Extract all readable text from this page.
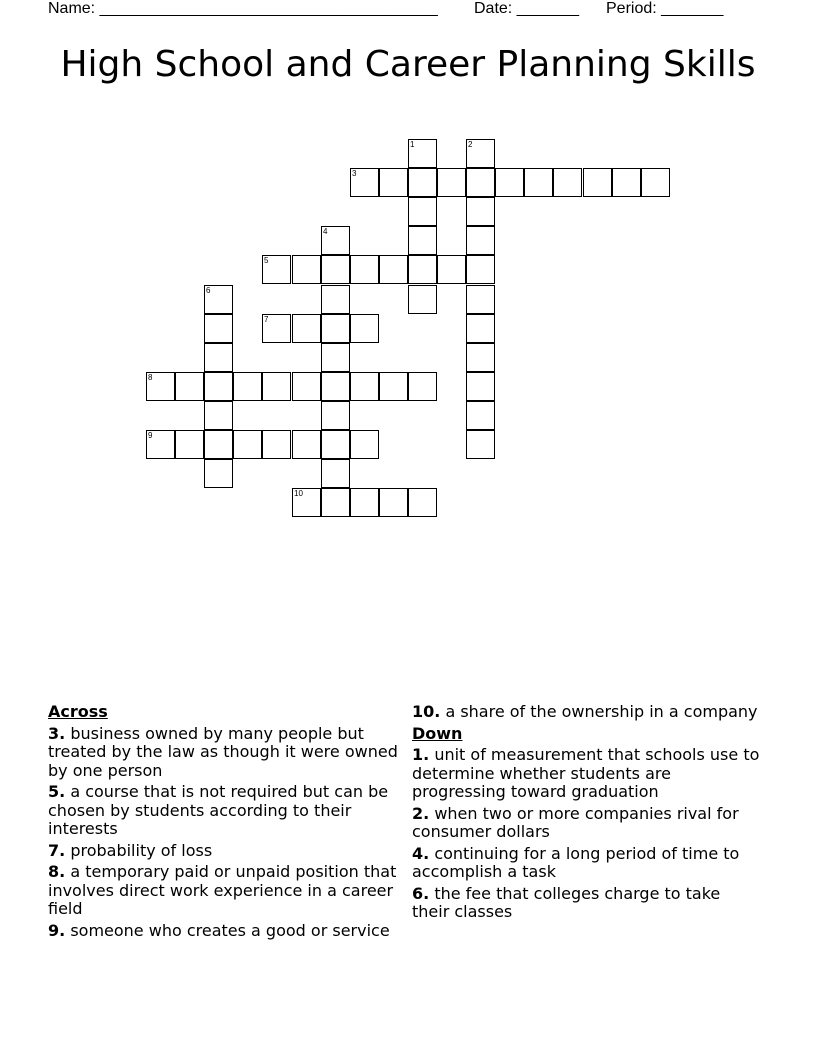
Name: ______________________________________ Date: _______ Period: _______
High School and Career Planning Skills
1	2
3
4
5
6
7
8
9
10
Across
3. business owned by many people but treated by the law as though it were owned by one person
5. a course that is not required but can be chosen by students according to their interests
7. probability of loss
8. a temporary paid or unpaid position that involves direct work experience in a career field
9. someone who creates a good or service
10. a share of the ownership in a company
Down
1. unit of measurement that schools use to determine whether students are progressing toward graduation
2. when two or more companies rival for consumer dollars
4. continuing for a long period of time to accomplish a task
6. the fee that colleges charge to take their classes
